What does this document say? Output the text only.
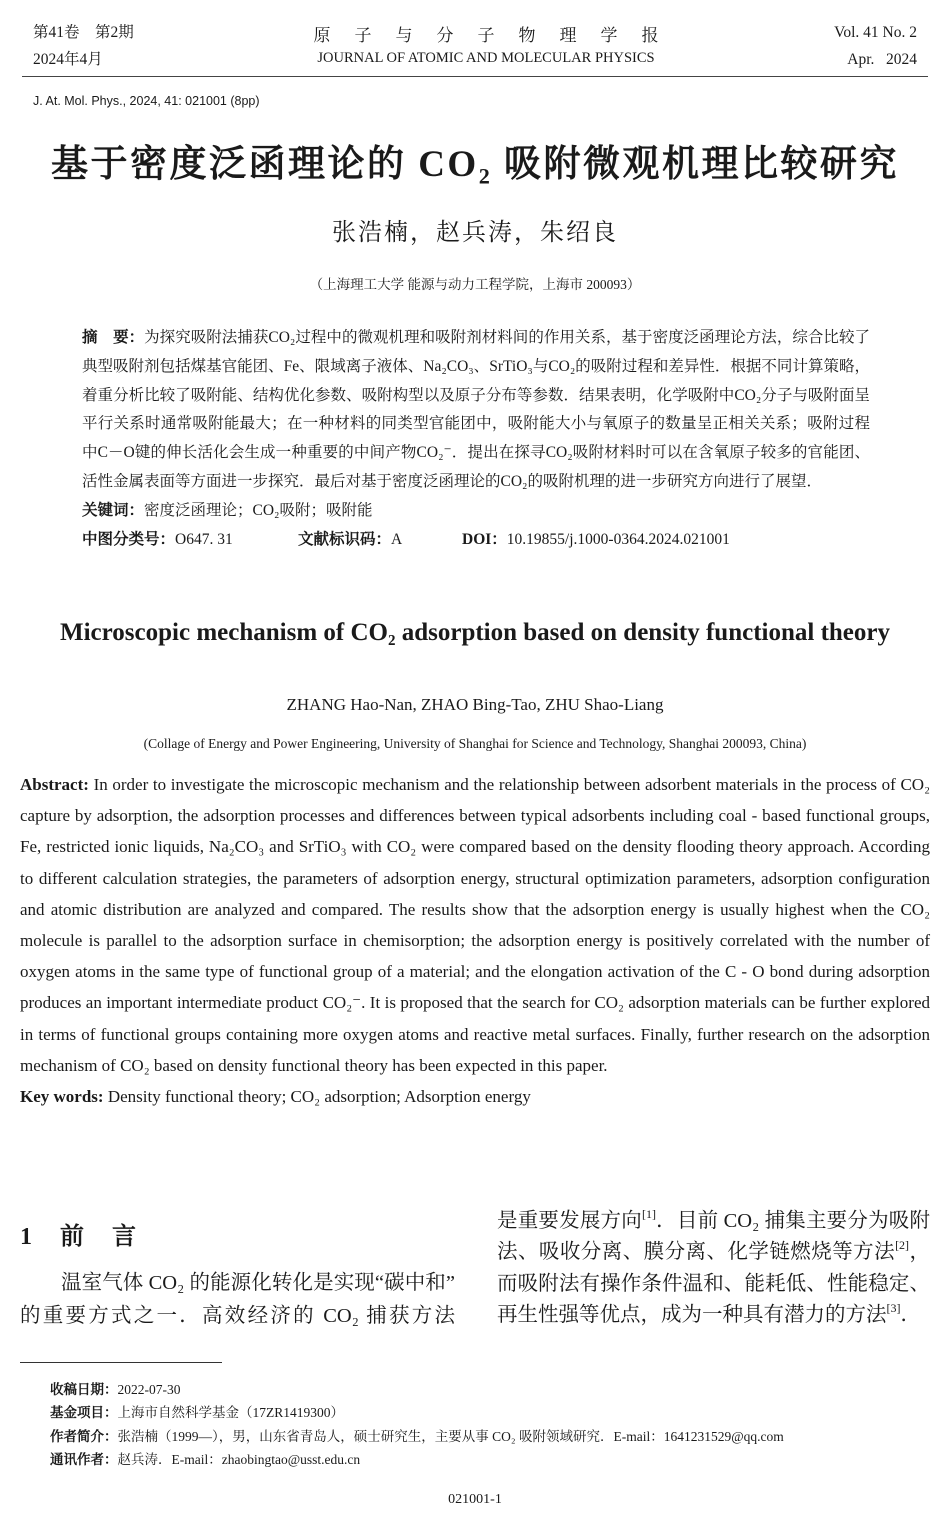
第41卷　第2期
2024年4月
原子与分子物理学报
JOURNAL OF ATOMIC AND MOLECULAR PHYSICS
Vol. 41 No. 2
Apr.   2024
J. At. Mol. Phys., 2024, 41: 021001 (8pp)
基于密度泛函理论的 CO₂ 吸附微观机理比较研究
张浩楠，赵兵涛，朱绍良
（上海理工大学 能源与动力工程学院，上海市 200093）

摘　要：为探究吸附法捕获CO₂过程中的微观机理和吸附剂材料间的作用关系，基于密度泛函理论方法，综合比较了典型吸附剂包括煤基官能团、Fe、限域离子液体、Na₂CO₃、SrTiO₃与CO₂的吸附过程和差异性．根据不同计算策略，着重分析比较了吸附能、结构优化参数、吸附构型以及原子分布等参数．结果表明，化学吸附中CO₂分子与吸附面呈平行关系时通常吸附能最大；在一种材料的同类型官能团中，吸附能大小与氧原子的数量呈正相关关系；吸附过程中C－O键的伸长活化会生成一种重要的中间产物CO₂⁻．提出在探寻CO₂吸附材料时可以在含氧原子较多的官能团、活性金属表面等方面进一步探究．最后对基于密度泛函理论的CO₂的吸附机理的进一步研究方向进行了展望．

关键词：密度泛函理论；CO₂吸附；吸附能

中图分类号：O647. 31	文献标识码：A	DOI：10.19855/j.1000-0364.2024.021001
Microscopic mechanism of CO₂ adsorption based on density functional theory
ZHANG Hao-Nan, ZHAO Bing-Tao, ZHU Shao-Liang
(Collage of Energy and Power Engineering, University of Shanghai for Science and Technology, Shanghai 200093, China)

Abstract: In order to investigate the microscopic mechanism and the relationship between adsorbent materials in the process of CO₂ capture by adsorption, the adsorption processes and differences between typical adsorbents including coal - based functional groups, Fe, restricted ionic liquids, Na₂CO₃ and SrTiO₃ with CO₂ were compared based on the density flooding theory approach. According to different calculation strategies, the parameters of adsorption energy, structural optimization parameters, adsorption configuration and atomic distribution are analyzed and compared. The results show that the adsorption energy is usually highest when the CO₂ molecule is parallel to the adsorption surface in chemisorption; the adsorption energy is positively correlated with the number of oxygen atoms in the same type of functional group of a material; and the elongation activation of the C - O bond during adsorption produces an important intermediate product CO₂⁻. It is proposed that the search for CO₂ adsorption materials can be further explored in terms of functional groups containing more oxygen atoms and reactive metal surfaces. Finally, further research on the adsorption mechanism of CO₂ based on density functional theory has been expected in this paper.

Key words: Density functional theory; CO₂ adsorption; Adsorption energy

1	前言

温室气体 CO₂ 的能源化转化是实现“碳中和”的重要方式之一．高效经济的 CO₂ 捕获方法

是重要发展方向[1]．目前 CO₂ 捕集主要分为吸附法、吸收分离、膜分离、化学链燃烧等方法[2]，而吸附法有操作条件温和、能耗低、性能稳定、再生性强等优点，成为一种具有潜力的方法[3]．

收稿日期：2022-07-30
基金项目：上海市自然科学基金（17ZR1419300）
作者简介：张浩楠（1999—），男，山东省青岛人，硕士研究生，主要从事 CO₂ 吸附领域研究．E-mail：1641231529@qq.com
通讯作者：赵兵涛．E-mail：zhaobingtao@usst.edu.cn
021001-1
